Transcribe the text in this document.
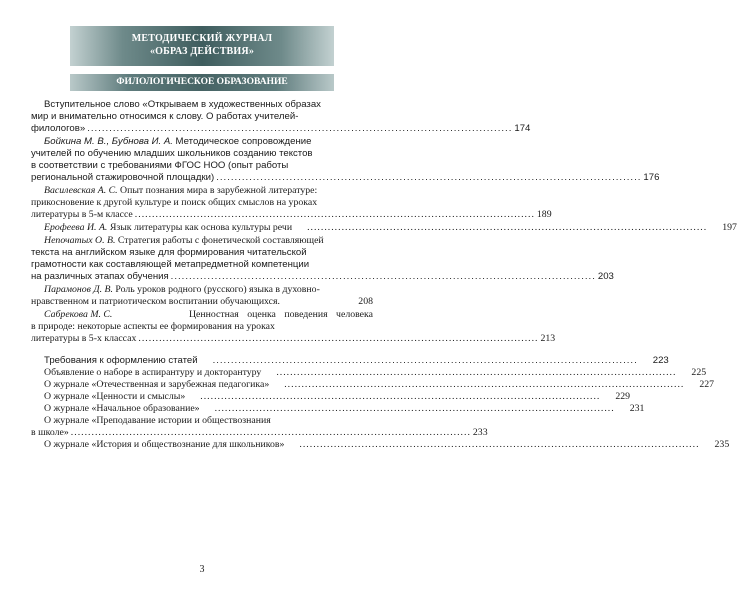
МЕТОДИЧЕСКИЙ ЖУРНАЛ
«ОБРАЗ ДЕЙСТВИЯ»
ФИЛОЛОГИЧЕСКОЕ ОБРАЗОВАНИЕ
Вступительное слово «Открываем в художественных образах
мир и внимательно относимся к слову. О работах учителей-
филологов» .................................................................................................................... 174
Бойкина М. В., Бубнова И. А. Методическое сопровождение
учителей по обучению младших школьников созданию текстов
в соответствии с требованиями ФГОС НОО (опыт работы
региональной стажировочной площадки) .................................................................................................................... 176
Василевская А. С. Опыт познания мира в зарубежной литературе:
прикосновение к другой культуре и поиск общих смыслов на уроках
литературы в 5-м классе .................................................................................................................... 189
Ерофеева И. А. Язык литературы как основа культуры речи	....................................................................................................................	197
Непочатых О. В. Стратегия работы с фонетической составляющей
текста на английском языке для формирования читательской
грамотности как составляющей метапредметной компетенции
на различных этапах обучения .................................................................................................................... 203
Парамонов Д. В. Роль уроков родного (русского) языка в духовно-
нравственном и патриотическом воспитании обучающихся.	208
Сабрекова М. С.	Ценностная оценка поведения человека
в природе: некоторые аспекты ее формирования на уроках
литературы в 5-х классах .................................................................................................................... 213
Требования к оформлению статей	....................................................................................................................	223
Объявление о наборе в аспирантуру и докторантуру	....................................................................................................................	225
О журнале «Отечественная и зарубежная педагогика»	....................................................................................................................	227
О журнале «Ценности и смыслы»	....................................................................................................................	229
О журнале «Начальное образование»	....................................................................................................................	231
О журнале «Преподавание истории и обществознания
в школе» .................................................................................................................... 233
О журнале «История и обществознание для школьников»	....................................................................................................................	235
3
